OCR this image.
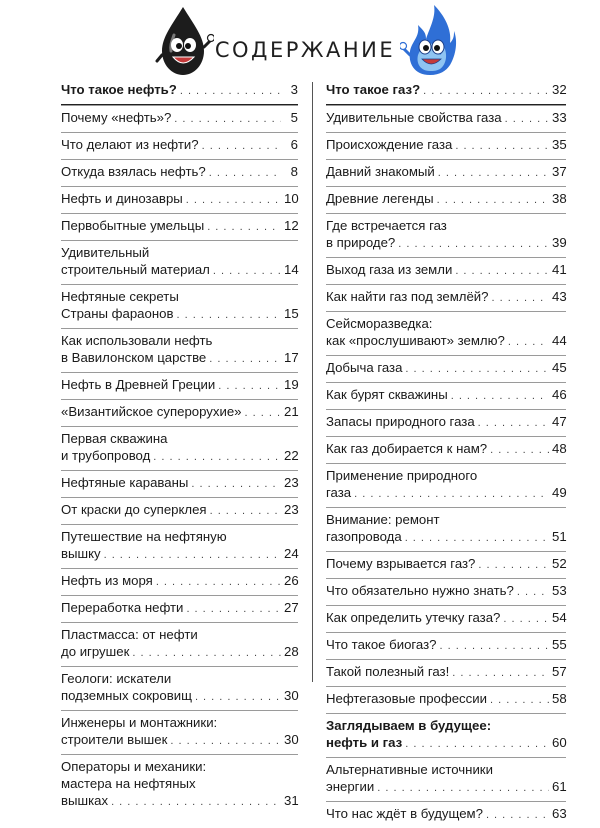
СОДЕРЖАНИЕ
Что такое нефть? . . .	3
Почему «нефть»? . . .	5
Что делают из нефти? . . .	6
Откуда взялась нефть? . . .	8
Нефть и динозавры . . .	10
Первобытные умельцы . . .	12
Удивительный
строительный материал . . .	14
Нефтяные секреты
Страны фараонов . . .	15
Как использовали нефть
в Вавилонском царстве . . .	17
Нефть в Древней Греции . . .	19
«Византийское суперорухие» . . .	21
Первая скважина
и трубопровод . . .	22
Нефтяные караваны . . .	23
От краски до суперклея . . .	23
Путешествие на нефтяную
вышку . . .	24
Нефть из моря . . .	26
Переработка нефти . . .	27
Пластмасса: от нефти
до игрушек . . .	28
Геологи: искатели
подземных сокровищ . . .	30
Инженеры и монтажники:
строители вышек . . .	30
Операторы и механики:
мастера на нефтяных
вышках . . .	31
Что такое газ? . . .	32
Удивительные свойства газа . . .	33
Происхождение газа . . .	35
Давний знакомый . . .	37
Древние легенды . . .	38
Где встречается газ
в природе? . . .	39
Выход газа из земли . . .	41
Как найти газ под землёй? . . .	43
Сейсморазведка:
как «прослушивают» землю? . . .	44
Добыча газа . . .	45
Как бурят скважины . . .	46
Запасы природного газа . . .	47
Как газ добирается к нам? . . .	48
Применение природного
газа . . .	49
Внимание: ремонт
газопровода . . .	51
Почему взрывается газ? . . .	52
Что обязательно нужно знать? . . .	53
Как определить утечку газа? . . .	54
Что такое биогаз? . . .	55
Такой полезный газ! . . .	57
Нефтегазовые профессии . . .	58
Заглядываем в будущее:
нефть и газ . . .	60
Альтернативные источники
энергии . . .	61
Что нас ждёт в будущем? . . .	63
